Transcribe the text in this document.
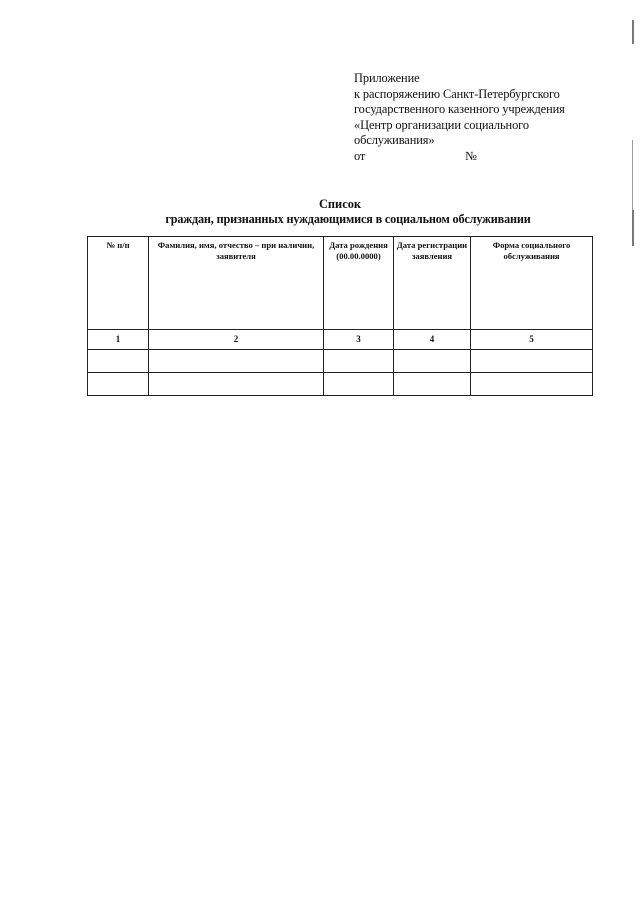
Приложение
к распоряжению Санкт-Петербургского
государственного казенного учреждения
«Центр организации социального
обслуживания»
от	№
Список
граждан, признанных нуждающимися в социальном обслуживании
№ п/п	Фамилия, имя, отчество – при наличии, заявителя	Дата рождения (00.00.0000)	Дата регистрации заявления	Форма социального обслуживания
1	2	3	4	5
